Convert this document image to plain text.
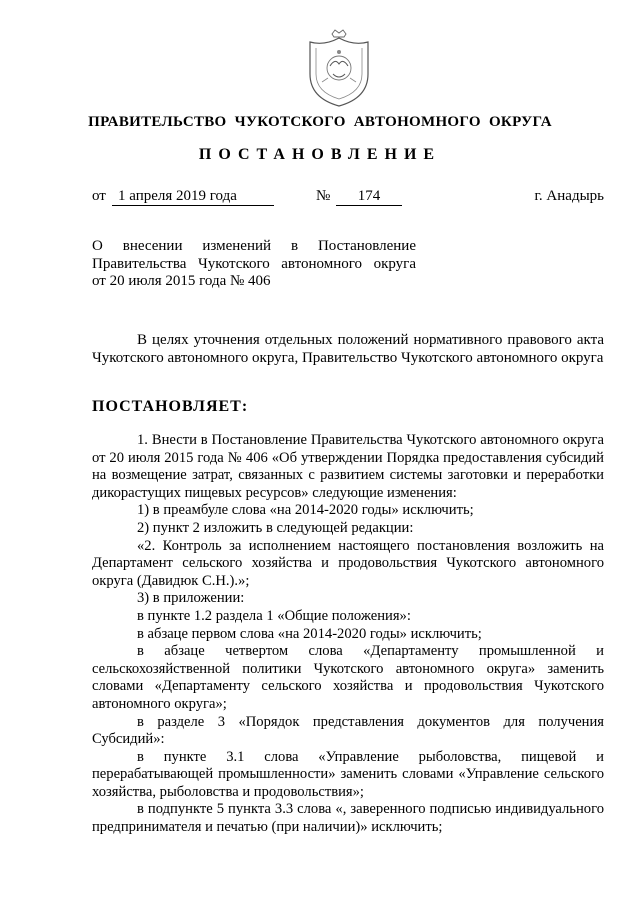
ПРАВИТЕЛЬСТВО  ЧУКОТСКОГО  АВТОНОМНОГО  ОКРУГА
ПОСТАНОВЛЕНИЕ
от 1 апреля 2019 года	№	174	г. Анадырь
О внесении изменений в Постановление
Правительства Чукотского автономного округа
от 20 июля 2015 года № 406
В целях уточнения отдельных положений нормативного правового акта Чукотского автономного округа, Правительство Чукотского автономного округа
ПОСТАНОВЛЯЕТ:

1. Внести в Постановление Правительства Чукотского автономного округа от 20 июля 2015 года № 406 «Об утверждении Порядка предоставления субсидий на возмещение затрат, связанных с развитием системы заготовки и переработки дикорастущих пищевых ресурсов» следующие изменения:

1) в преамбуле слова «на 2014-2020 годы» исключить;

2) пункт 2 изложить в следующей редакции:

«2. Контроль за исполнением настоящего постановления возложить на Департамент сельского хозяйства и продовольствия Чукотского автономного округа (Давидюк С.Н.).»;

3) в приложении:

в пункте 1.2 раздела 1 «Общие положения»:

в абзаце первом слова «на 2014-2020 годы» исключить;

в абзаце четвертом слова «Департаменту промышленной и сельскохозяйственной политики Чукотского автономного округа» заменить словами «Департаменту сельского хозяйства и продовольствия Чукотского автономного округа»;

в разделе 3 «Порядок представления документов для получения Субсидий»:

в пункте 3.1 слова «Управление рыболовства, пищевой и перерабатывающей промышленности» заменить словами «Управление сельского хозяйства, рыболовства и продовольствия»;

в подпункте 5 пункта 3.3 слова «, заверенного подписью индивидуального предпринимателя и печатью (при наличии)» исключить;
